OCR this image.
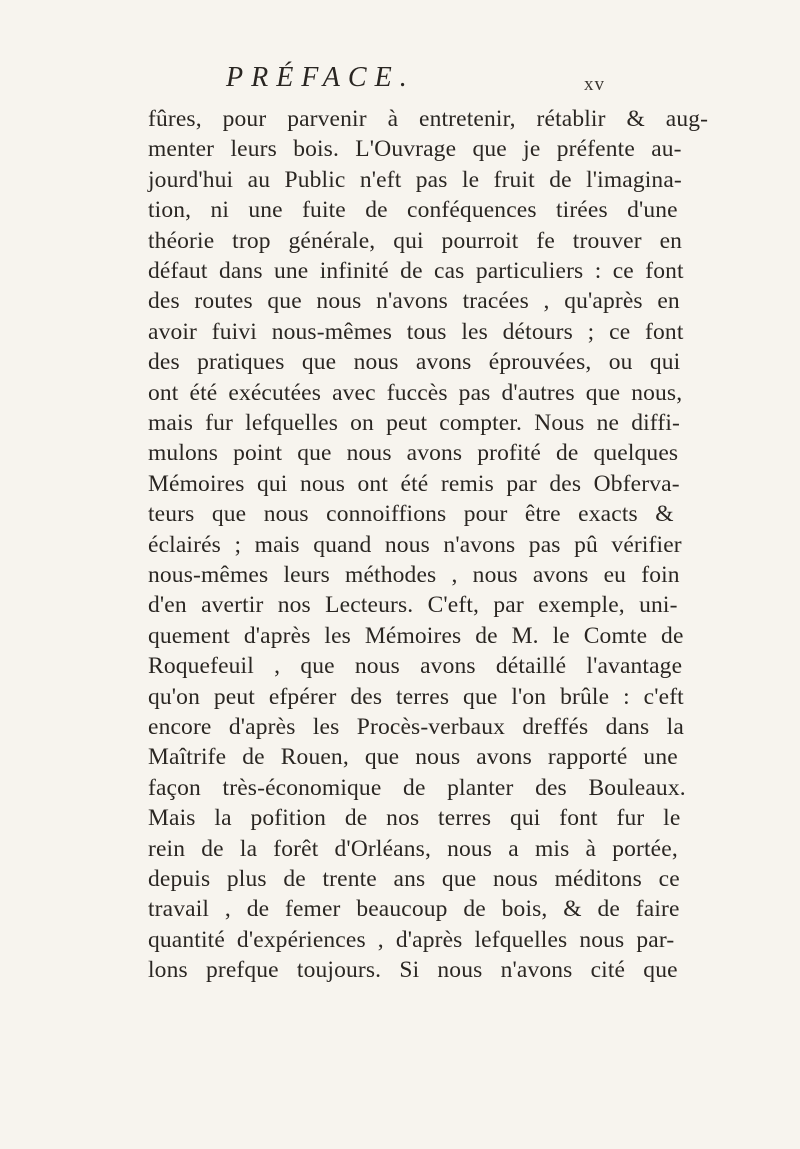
PRÉFACE.	xv
fûres, pour parvenir à entretenir, rétablir & aug-
menter leurs bois. L'Ouvrage que je préfente au-
jourd'hui au Public n'eft pas le fruit de l'imagina-
tion, ni une fuite de conféquences tirées d'une
théorie trop générale, qui pourroit fe trouver en
défaut dans une infinité de cas particuliers : ce font
des routes que nous n'avons tracées , qu'après en
avoir fuivi nous-mêmes tous les détours ; ce font
des pratiques que nous avons éprouvées, ou qui
ont été exécutées avec fuccès pas d'autres que nous,
mais fur lefquelles on peut compter. Nous ne diffi-
mulons point que nous avons profité de quelques
Mémoires qui nous ont été remis par des Obferva-
teurs que nous connoiffions pour être exacts &
éclairés ; mais quand nous n'avons pas pû vérifier
nous-mêmes leurs méthodes , nous avons eu foin
d'en avertir nos Lecteurs. C'eft, par exemple, uni-
quement d'après les Mémoires de M. le Comte de
Roquefeuil , que nous avons détaillé l'avantage
qu'on peut efpérer des terres que l'on brûle : c'eft
encore d'après les Procès-verbaux dreffés dans la
Maîtrife de Rouen, que nous avons rapporté une
façon très-économique de planter des Bouleaux.
Mais la pofition de nos terres qui font fur le
rein de la forêt d'Orléans, nous a mis à portée,
depuis plus de trente ans que nous méditons ce
travail , de femer beaucoup de bois, & de faire
quantité d'expériences , d'après lefquelles nous par-
lons prefque toujours. Si nous n'avons cité que
